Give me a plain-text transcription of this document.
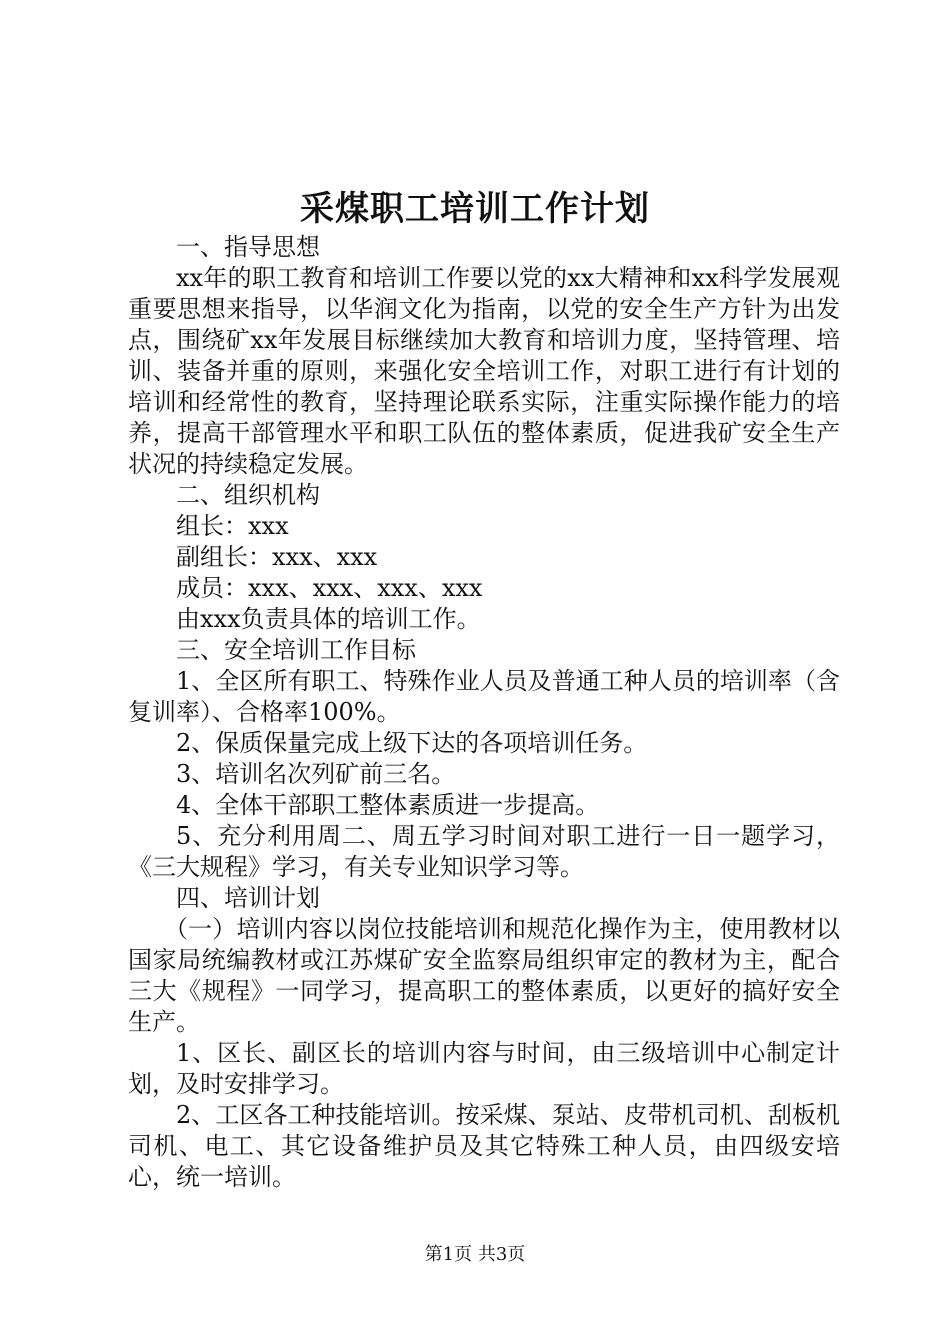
采煤职工培训工作计划

一、指导思想

xx年的职工教育和培训工作要以党的xx大精神和xx科学发展观重要思想来指导，以华润文化为指南，以党的安全生产方针为出发点，围绕矿xx年发展目标继续加大教育和培训力度，坚持管理、培训、装备并重的原则，来强化安全培训工作，对职工进行有计划的培训和经常性的教育，坚持理论联系实际，注重实际操作能力的培养，提高干部管理水平和职工队伍的整体素质，促进我矿安全生产状况的持续稳定发展。

二、组织机构

组长：xxx

副组长：xxx、xxx

成员：xxx、xxx、xxx、xxx

由xxx负责具体的培训工作。

三、安全培训工作目标

1、全区所有职工、特殊作业人员及普通工种人员的培训率（含复训率）、合格率100%。

2、保质保量完成上级下达的各项培训任务。

3、培训名次列矿前三名。

4、全体干部职工整体素质进一步提高。

5、充分利用周二、周五学习时间对职工进行一日一题学习，《三大规程》学习，有关专业知识学习等。

四、培训计划

（一）培训内容以岗位技能培训和规范化操作为主，使用教材以国家局统编教材或江苏煤矿安全监察局组织审定的教材为主，配合三大《规程》一同学习，提高职工的整体素质，以更好的搞好安全生产。

1、区长、副区长的培训内容与时间，由三级培训中心制定计划，及时安排学习。

2、工区各工种技能培训。按采煤、泵站、皮带机司机、刮板机司机、电工、其它设备维护员及其它特殊工种人员，由四级安培心，统一培训。

第1页 共3页
